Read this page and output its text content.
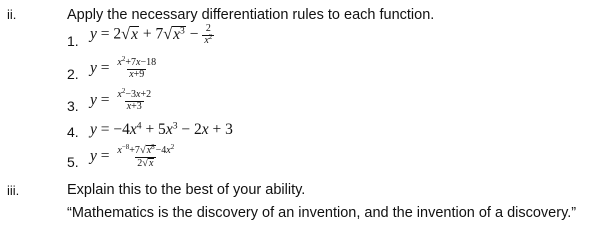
ii.	Apply the necessary differentiation rules to each function.
1. $y = 2√x + 7√x^3 - \frac{2}{x^2}$
2. $y = \frac{x^2+7x-18}{x+9}$
3. $y = \frac{x^2-3x+2}{x+3}$
4. $y = -4x^4 + 5x^3 - 2x + 3$
5. $y = \frac{x^{-8}+7√x^8-4x^2}{2√x}$
iii.	Explain this to the best of your ability.
“Mathematics is the discovery of an invention, and the invention of a discovery.”
